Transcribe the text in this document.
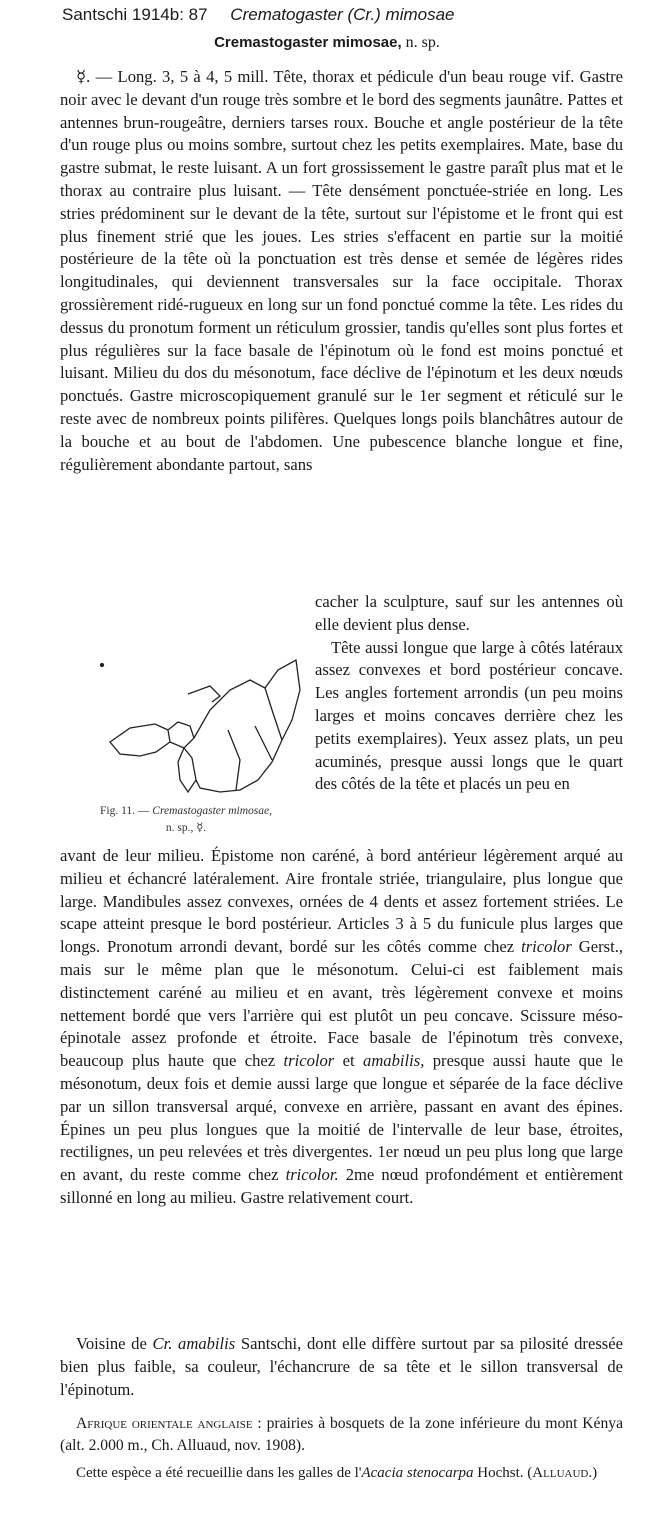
Santschi 1914b: 87 Crematogaster (Cr.) mimosae
Cremastogaster mimosae, n. sp.
☿. — Long. 3, 5 à 4, 5 mill. Tête, thorax et pédicule d'un beau rouge vif. Gastre noir avec le devant d'un rouge très sombre et le bord des segments jaunâtre. Pattes et antennes brun-rougeâtre, derniers tarses roux. Bouche et angle postérieur de la tête d'un rouge plus ou moins sombre, surtout chez les petits exemplaires. Mate, base du gastre submat, le reste luisant. A un fort grossissement le gastre paraît plus mat et le thorax au contraire plus luisant. — Tête densément ponctuée-striée en long. Les stries prédominent sur le devant de la tête, surtout sur l'épistome et le front qui est plus finement strié que les joues. Les stries s'effacent en partie sur la moitié postérieure de la tête où la ponctuation est très dense et semée de légères rides longitudinales, qui deviennent transversales sur la face occipitale. Thorax grossièrement ridé-rugueux en long sur un fond ponctué comme la tête. Les rides du dessus du pronotum forment un réticulum grossier, tandis qu'elles sont plus fortes et plus régulières sur la face basale de l'épinotum où le fond est moins ponctué et luisant. Milieu du dos du mésonotum, face déclive de l'épinotum et les deux nœuds ponctués. Gastre microscopiquement granulé sur le 1er segment et réticulé sur le reste avec de nombreux points pilifères. Quelques longs poils blanchâtres autour de la bouche et au bout de l'abdomen. Une pubescence blanche longue et fine, régulièrement abondante partout, sans
Fig. 11. — Cremastogaster mimosae,
n. sp., ☿.
cacher la sculpture, sauf sur les antennes où elle devient plus dense.
Tête aussi longue que large à côtés latéraux assez convexes et bord postérieur concave. Les angles fortement arrondis (un peu moins larges et moins concaves derrière chez les petits exemplaires). Yeux assez plats, un peu acuminés, presque aussi longs que le quart des côtés de la tête et placés un peu en
avant de leur milieu. Épistome non caréné, à bord antérieur légèrement arqué au milieu et échancré latéralement. Aire frontale striée, triangulaire, plus longue que large. Mandibules assez convexes, ornées de 4 dents et assez fortement striées. Le scape atteint presque le bord postérieur. Articles 3 à 5 du funicule plus larges que longs. Pronotum arrondi devant, bordé sur les côtés comme chez tricolor Gerst., mais sur le même plan que le mésonotum. Celui-ci est faiblement mais distinctement caréné au milieu et en avant, très légèrement convexe et moins nettement bordé que vers l'arrière qui est plutôt un peu concave. Scissure méso-épinotale assez profonde et étroite. Face basale de l'épinotum très convexe, beaucoup plus haute que chez tricolor et amabilis, presque aussi haute que le mésonotum, deux fois et demie aussi large que longue et séparée de la face déclive par un sillon transversal arqué, convexe en arrière, passant en avant des épines. Épines un peu plus longues que la moitié de l'intervalle de leur base, étroites, rectilignes, un peu relevées et très divergentes. 1er nœud un peu plus long que large en avant, du reste comme chez tricolor. 2me nœud profondément et entièrement sillonné en long au milieu. Gastre relativement court.
Voisine de Cr. amabilis Santschi, dont elle diffère surtout par sa pilosité dressée bien plus faible, sa couleur, l'échancrure de sa tête et le sillon transversal de l'épinotum.
Afrique orientale anglaise : prairies à bosquets de la zone inférieure du mont Kénya (alt. 2.000 m., Ch. Alluaud, nov. 1908).
Cette espèce a été recueillie dans les galles de l'Acacia stenocarpa Hochst. (Alluaud.)
